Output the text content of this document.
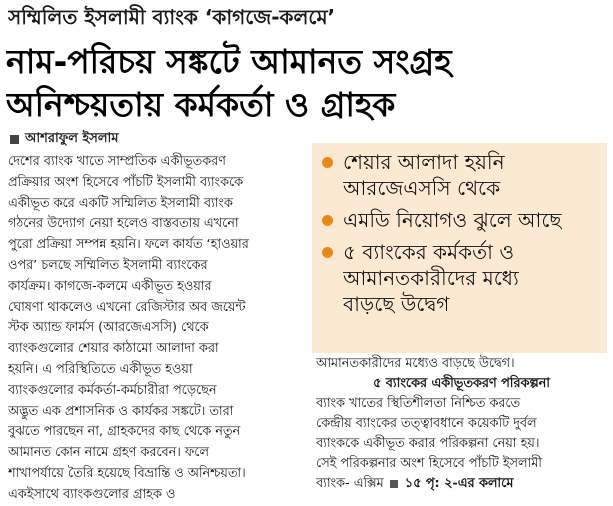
সম্মিলিত ইসলামী ব্যাংক ‘কাগজে-কলমে’
নাম-পরিচয় সঙ্কটে আমানত সংগ্রহ
অনিশ্চয়তায় কর্মকর্তা ও গ্রাহক
আশরাফুল ইসলাম
দেশের ব্যাংক খাতে সাম্প্রতিক একীভূতকরণ
প্রক্রিয়ার অংশ হিসেবে পাঁচটি ইসলামী ব্যাংককে
একীভূত করে একটি সম্মিলিত ইসলামী ব্যাংক
গঠনের উদ্যোগ নেয়া হলেও বাস্তবতায় এখনো
পুরো প্রক্রিয়া সম্পন্ন হয়নি। ফলে কার্যত ‘হাওয়ার
ওপর’ চলছে সম্মিলিত ইসলামী ব্যাংকের
কার্যক্রম। কাগজে-কলমে একীভূত হওয়ার
ঘোষণা থাকলেও এখনো রেজিস্টার অব জয়েন্ট
স্টক অ্যান্ড ফার্মস (আরজেএসসি) থেকে
ব্যাংকগুলোর শেয়ার কাঠামো আলাদা করা
হয়নি। এ পরিস্থিতিতে একীভূত হওয়া
ব্যাংকগুলোর কর্মকর্তা-কর্মচারীরা পড়েছেন
অদ্ভুত এক প্রশাসনিক ও কার্যকর সঙ্কটে। তারা
বুঝতে পারছেন না, গ্রাহকদের কাছ থেকে নতুন
আমানত কোন নামে গ্রহণ করবেন। ফলে
শাখাপর্যায়ে তৈরি হয়েছে বিভ্রান্তি ও অনিশ্চয়তা।
একইসাথে ব্যাংকগুলোর গ্রাহক ও
শেয়ার আলাদা হয়নি
আরজেএসসি থেকে
এমডি নিয়োগও ঝুলে আছে
৫ ব্যাংকের কর্মকর্তা ও
আমানতকারীদের মধ্যে
বাড়ছে উদ্বেগ
আমানতকারীদের মধ্যেও বাড়ছে উদ্বেগ।
৫ ব্যাংকের একীভূতকরণ পরিকল্পনা
ব্যাংক খাতের স্থিতিশীলতা নিশ্চিত করতে
কেন্দ্রীয় ব্যাংকের তত্ত্বাবধানে কয়েকটি দুর্বল
ব্যাংককে একীভূত করার পরিকল্পনা নেয়া হয়।
সেই পরিকল্পনার অংশ হিসেবে পাঁচটি ইসলামী
ব্যাংক- এক্সিম ১৫ পৃ: ২-এর কলামে
